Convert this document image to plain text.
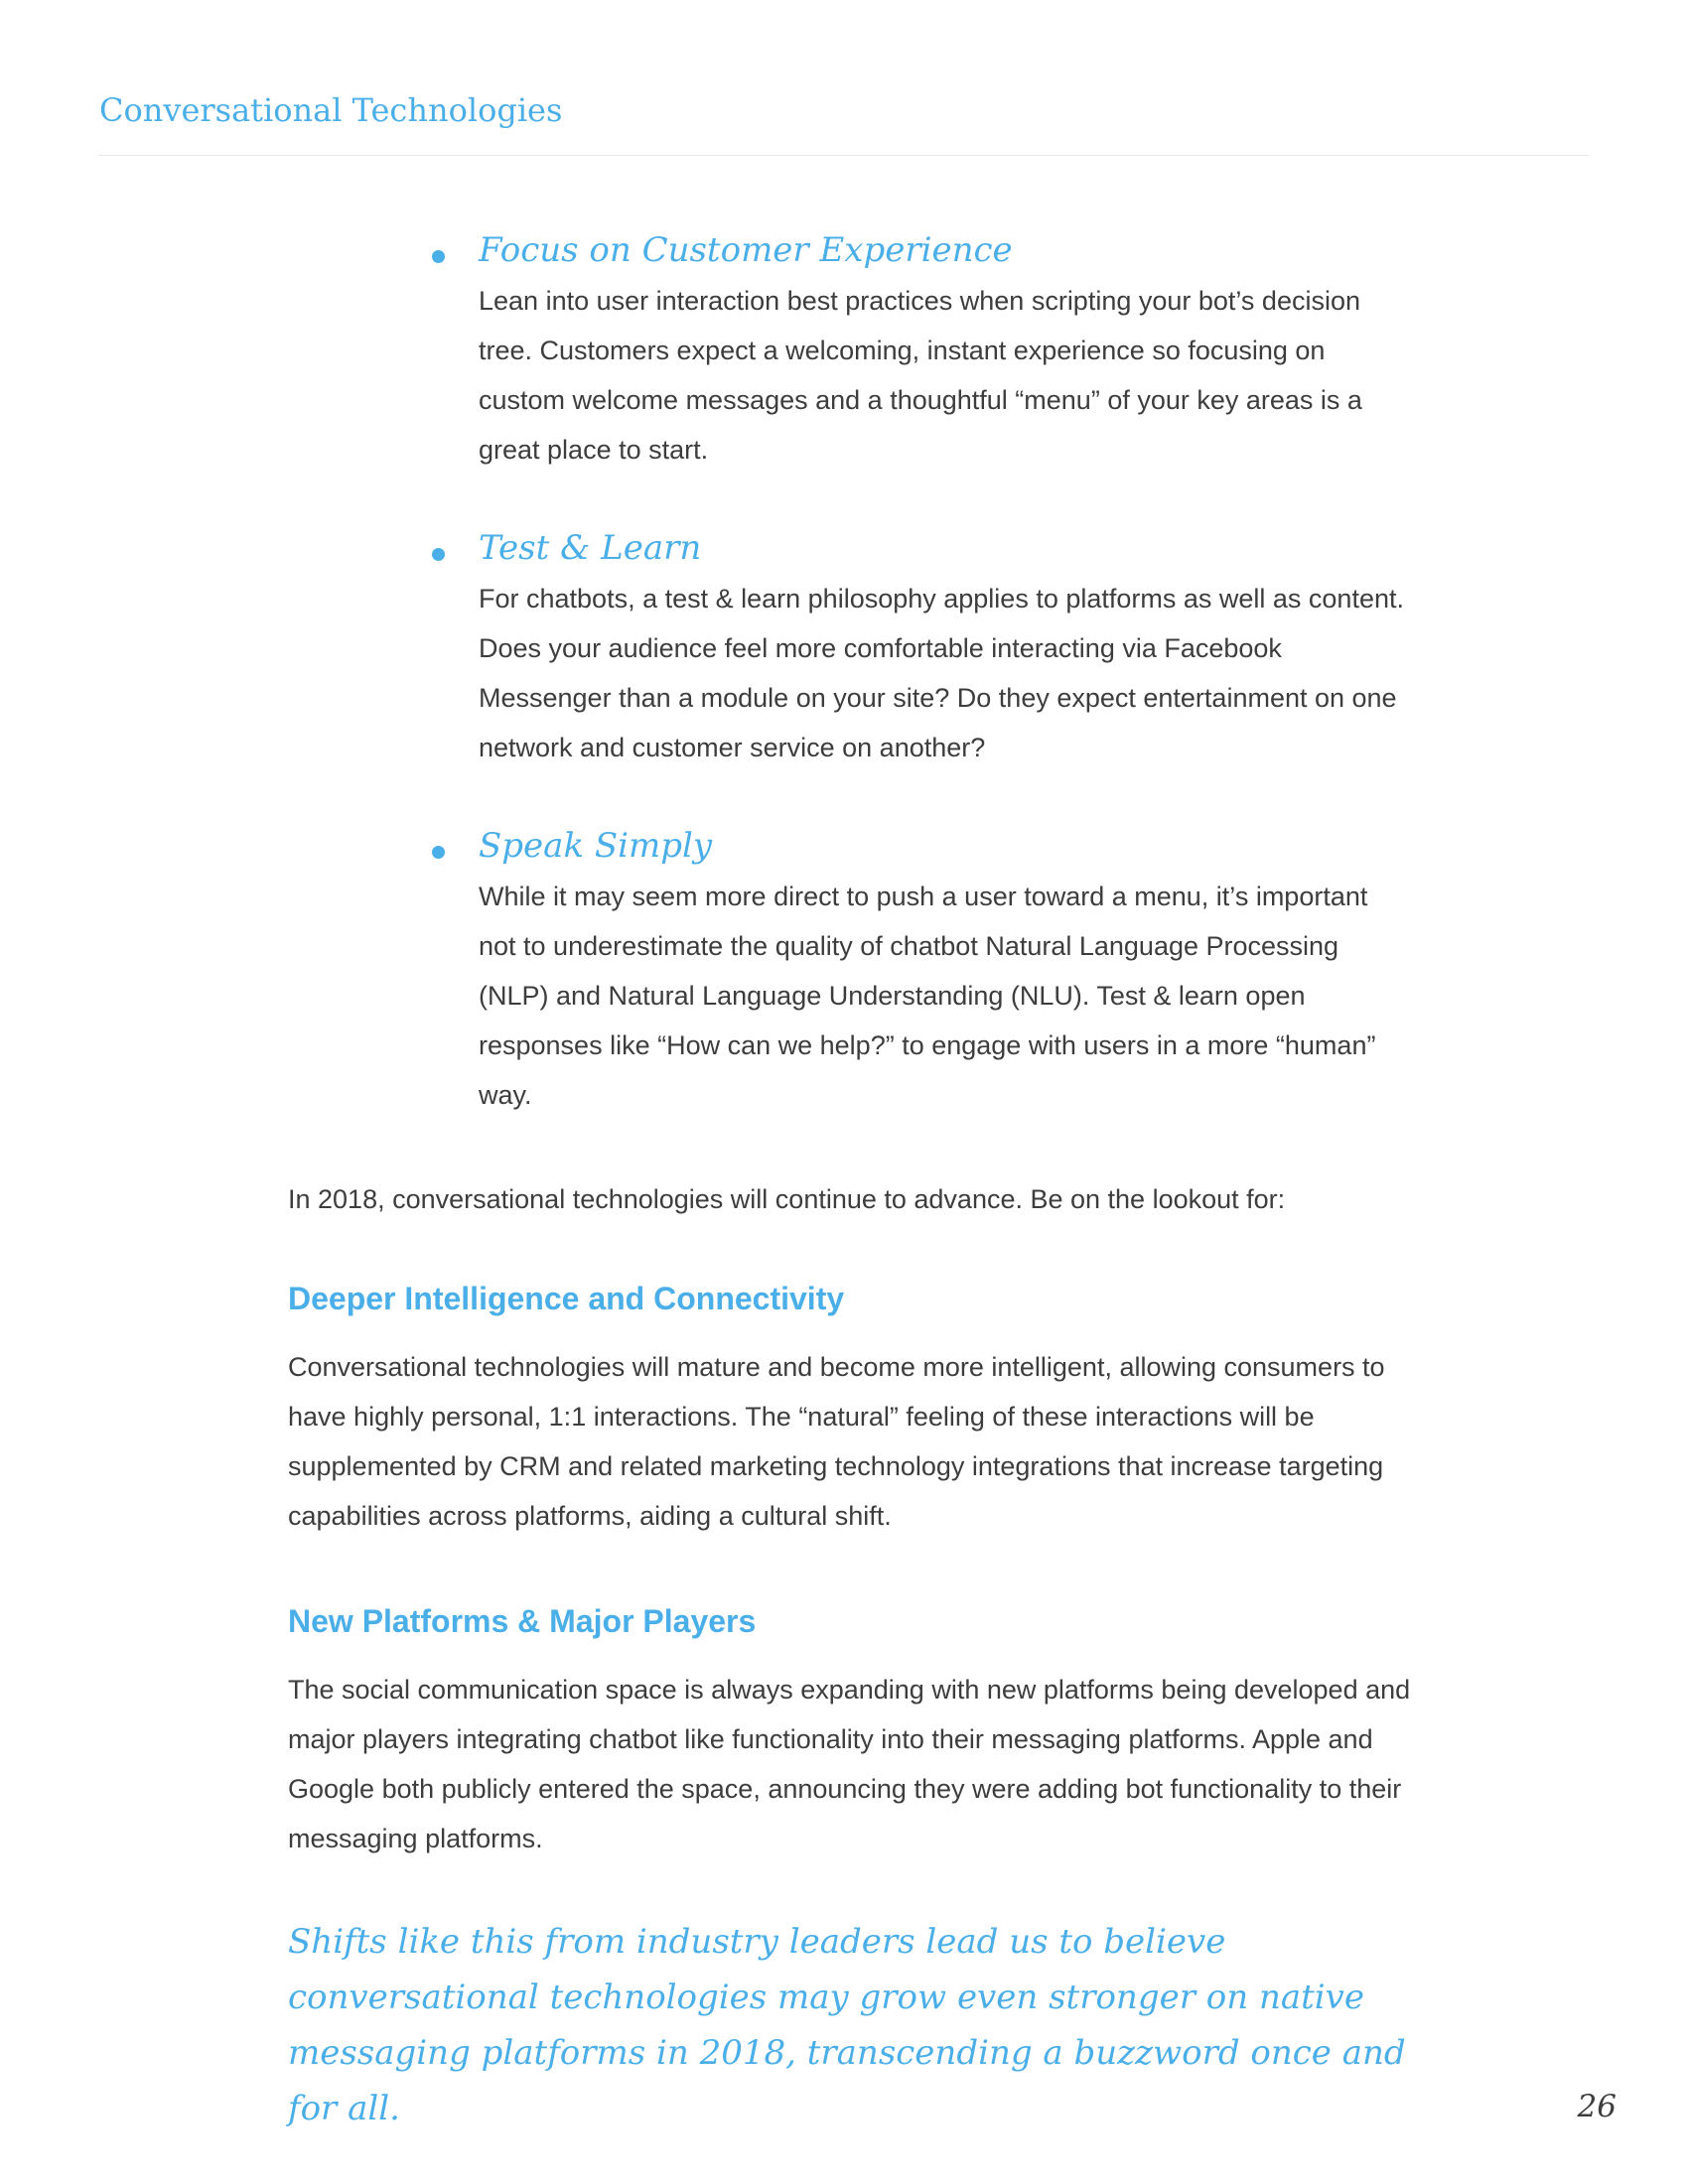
Conversational Technologies
Focus on Customer Experience
Lean into user interaction best practices when scripting your bot’s decision tree. Customers expect a welcoming, instant experience so focusing on custom welcome messages and a thoughtful “menu” of your key areas is a great place to start.
Test & Learn
For chatbots, a test & learn philosophy applies to platforms as well as content. Does your audience feel more comfortable interacting via Facebook Messenger than a module on your site? Do they expect entertainment on one network and customer service on another?
Speak Simply
While it may seem more direct to push a user toward a menu, it’s important not to underestimate the quality of chatbot Natural Language Processing (NLP) and Natural Language Understanding (NLU). Test & learn open responses like “How can we help?” to engage with users in a more “human” way.
In 2018, conversational technologies will continue to advance. Be on the lookout for:
Deeper Intelligence and Connectivity
Conversational technologies will mature and become more intelligent, allowing consumers to have highly personal, 1:1 interactions. The “natural” feeling of these interactions will be supplemented by CRM and related marketing technology integrations that increase targeting capabilities across platforms, aiding a cultural shift.
New Platforms & Major Players
The social communication space is always expanding with new platforms being developed and major players integrating chatbot like functionality into their messaging platforms. Apple and Google both publicly entered the space, announcing they were adding bot functionality to their messaging platforms.
Shifts like this from industry leaders lead us to believe conversational technologies may grow even stronger on native messaging platforms in 2018, transcending a buzzword once and for all.	26
